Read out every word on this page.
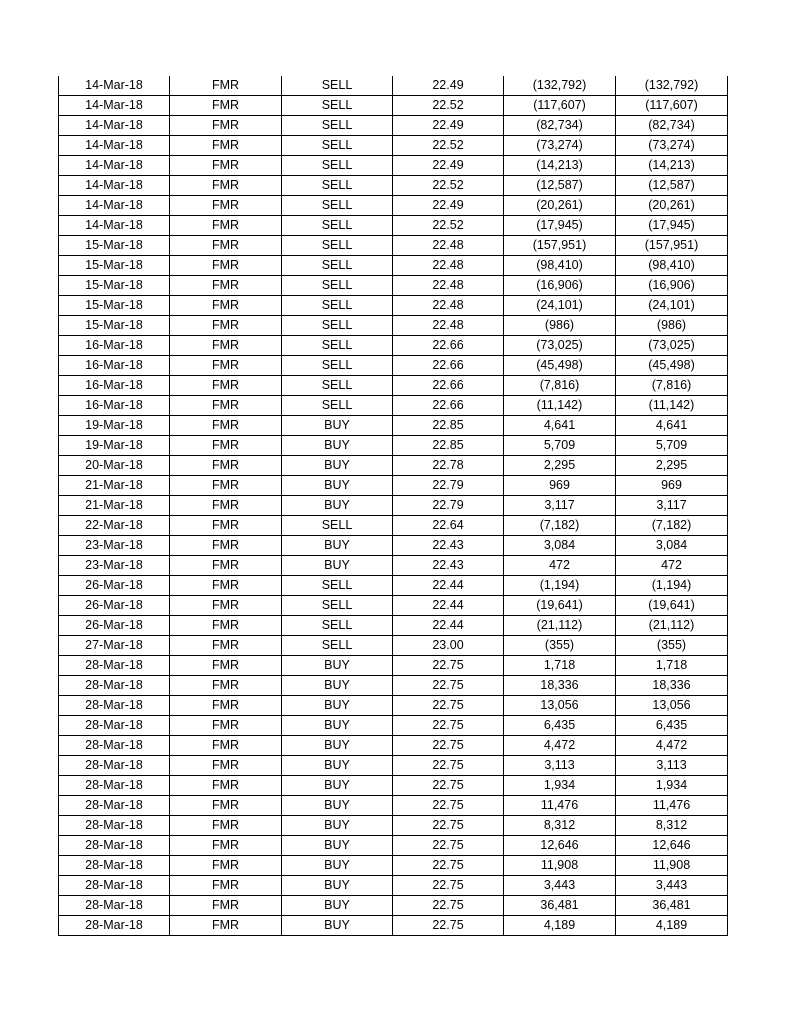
14-Mar-18	FMR	SELL	22.49	(132,792)	(132,792)
14-Mar-18	FMR	SELL	22.52	(117,607)	(117,607)
14-Mar-18	FMR	SELL	22.49	(82,734)	(82,734)
14-Mar-18	FMR	SELL	22.52	(73,274)	(73,274)
14-Mar-18	FMR	SELL	22.49	(14,213)	(14,213)
14-Mar-18	FMR	SELL	22.52	(12,587)	(12,587)
14-Mar-18	FMR	SELL	22.49	(20,261)	(20,261)
14-Mar-18	FMR	SELL	22.52	(17,945)	(17,945)
15-Mar-18	FMR	SELL	22.48	(157,951)	(157,951)
15-Mar-18	FMR	SELL	22.48	(98,410)	(98,410)
15-Mar-18	FMR	SELL	22.48	(16,906)	(16,906)
15-Mar-18	FMR	SELL	22.48	(24,101)	(24,101)
15-Mar-18	FMR	SELL	22.48	(986)	(986)
16-Mar-18	FMR	SELL	22.66	(73,025)	(73,025)
16-Mar-18	FMR	SELL	22.66	(45,498)	(45,498)
16-Mar-18	FMR	SELL	22.66	(7,816)	(7,816)
16-Mar-18	FMR	SELL	22.66	(11,142)	(11,142)
19-Mar-18	FMR	BUY	22.85	4,641	4,641
19-Mar-18	FMR	BUY	22.85	5,709	5,709
20-Mar-18	FMR	BUY	22.78	2,295	2,295
21-Mar-18	FMR	BUY	22.79	969	969
21-Mar-18	FMR	BUY	22.79	3,117	3,117
22-Mar-18	FMR	SELL	22.64	(7,182)	(7,182)
23-Mar-18	FMR	BUY	22.43	3,084	3,084
23-Mar-18	FMR	BUY	22.43	472	472
26-Mar-18	FMR	SELL	22.44	(1,194)	(1,194)
26-Mar-18	FMR	SELL	22.44	(19,641)	(19,641)
26-Mar-18	FMR	SELL	22.44	(21,112)	(21,112)
27-Mar-18	FMR	SELL	23.00	(355)	(355)
28-Mar-18	FMR	BUY	22.75	1,718	1,718
28-Mar-18	FMR	BUY	22.75	18,336	18,336
28-Mar-18	FMR	BUY	22.75	13,056	13,056
28-Mar-18	FMR	BUY	22.75	6,435	6,435
28-Mar-18	FMR	BUY	22.75	4,472	4,472
28-Mar-18	FMR	BUY	22.75	3,113	3,113
28-Mar-18	FMR	BUY	22.75	1,934	1,934
28-Mar-18	FMR	BUY	22.75	11,476	11,476
28-Mar-18	FMR	BUY	22.75	8,312	8,312
28-Mar-18	FMR	BUY	22.75	12,646	12,646
28-Mar-18	FMR	BUY	22.75	11,908	11,908
28-Mar-18	FMR	BUY	22.75	3,443	3,443
28-Mar-18	FMR	BUY	22.75	36,481	36,481
28-Mar-18	FMR	BUY	22.75	4,189	4,189
